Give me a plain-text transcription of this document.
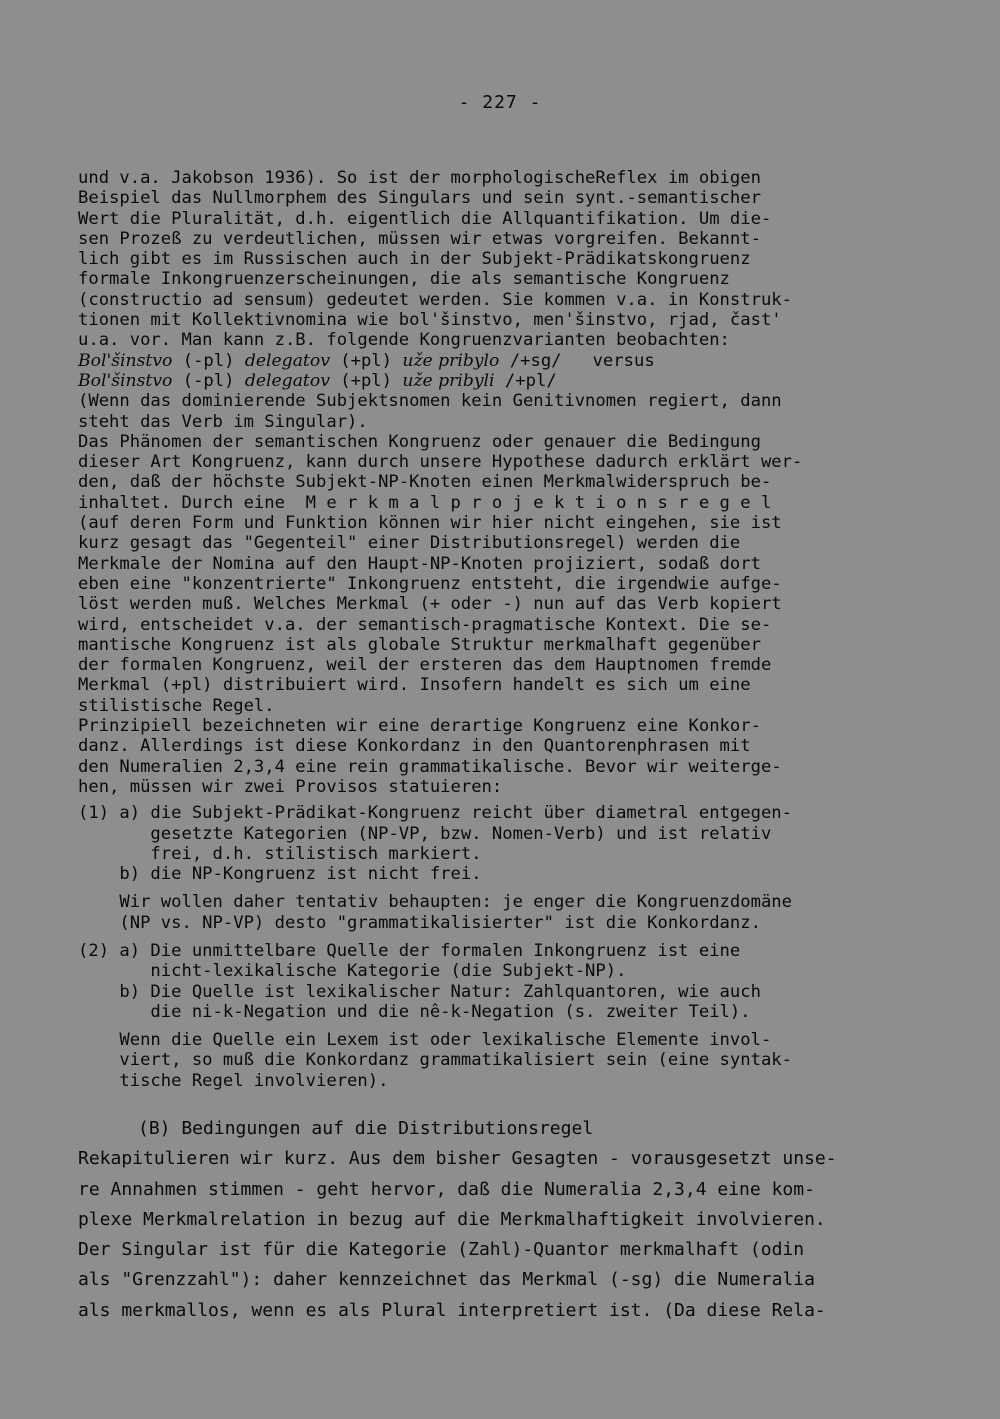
- 227 -
und v.a. Jakobson 1936). So ist der morphologischeReflex im obigen
Beispiel das Nullmorphem des Singulars und sein synt.-semantischer
Wert die Pluralität, d.h. eigentlich die Allquantifikation. Um die-
sen Prozeß zu verdeutlichen, müssen wir etwas vorgreifen. Bekannt-
lich gibt es im Russischen auch in der Subjekt-Prädikatskongruenz
formale Inkongruenzerscheinungen, die als semantische Kongruenz
(constructio ad sensum) gedeutet werden. Sie kommen v.a. in Konstruk-
tionen mit Kollektivnomina wie bol'šinstvo, men'šinstvo, rjad, čast'
u.a. vor. Man kann z.B. folgende Kongruenzvarianten beobachten:
Bol'šinstvo (-pl) delegatov (+pl) uže pribylo /+sg/ versus
Bol'šinstvo (-pl) delegatov (+pl) uže pribyli /+pl/
(Wenn das dominierende Subjektsnomen kein Genitivnomen regiert, dann
steht das Verb im Singular).
Das Phänomen der semantischen Kongruenz oder genauer die Bedingung
dieser Art Kongruenz, kann durch unsere Hypothese dadurch erklärt wer-
den, daß der höchste Subjekt-NP-Knoten einen Merkmalwiderspruch be-
inhaltet. Durch eine  M e r k m a l p r o j e k t i o n s r e g e l
(auf deren Form und Funktion können wir hier nicht eingehen, sie ist
kurz gesagt das "Gegenteil" einer Distributionsregel) werden die
Merkmale der Nomina auf den Haupt-NP-Knoten projiziert, sodaß dort
eben eine "konzentrierte" Inkongruenz entsteht, die irgendwie aufge-
löst werden muß. Welches Merkmal (+ oder -) nun auf das Verb kopiert
wird, entscheidet v.a. der semantisch-pragmatische Kontext. Die se-
mantische Kongruenz ist als globale Struktur merkmalhaft gegenüber
der formalen Kongruenz, weil der ersteren das dem Hauptnomen fremde
Merkmal (+pl) distribuiert wird. Insofern handelt es sich um eine
stilistische Regel.
Prinzipiell bezeichneten wir eine derartige Kongruenz eine Konkor-
danz. Allerdings ist diese Konkordanz in den Quantorenphrasen mit
den Numeralien 2,3,4 eine rein grammatikalische. Bevor wir weiterge-
hen, müssen wir zwei Provisos statuieren:
(1) a) die Subjekt-Prädikat-Kongruenz reicht über diametral entgegen-
gesetzte Kategorien (NP-VP, bzw. Nomen-Verb) und ist relativ
frei, d.h. stilistisch markiert.
b) die NP-Kongruenz ist nicht frei.
Wir wollen daher tentativ behaupten: je enger die Kongruenzdomäne
(NP vs. NP-VP) desto "grammatikalisierter" ist die Konkordanz.
(2) a) Die unmittelbare Quelle der formalen Inkongruenz ist eine
nicht-lexikalische Kategorie (die Subjekt-NP).
b) Die Quelle ist lexikalischer Natur: Zahlquantoren, wie auch
die ni-k-Negation und die nê-k-Negation (s. zweiter Teil).
Wenn die Quelle ein Lexem ist oder lexikalische Elemente invol-
viert, so muß die Konkordanz grammatikalisiert sein (eine syntak-
tische Regel involvieren).
(B) Bedingungen auf die Distributionsregel
Rekapitulieren wir kurz. Aus dem bisher Gesagten - vorausgesetzt unse-
re Annahmen stimmen - geht hervor, daß die Numeralia 2,3,4 eine kom-
plexe Merkmalrelation in bezug auf die Merkmalhaftigkeit involvieren.
Der Singular ist für die Kategorie (Zahl)-Quantor merkmalhaft (odin
als "Grenzzahl"): daher kennzeichnet das Merkmal (-sg) die Numeralia
als merkmallos, wenn es als Plural interpretiert ist. (Da diese Rela-
